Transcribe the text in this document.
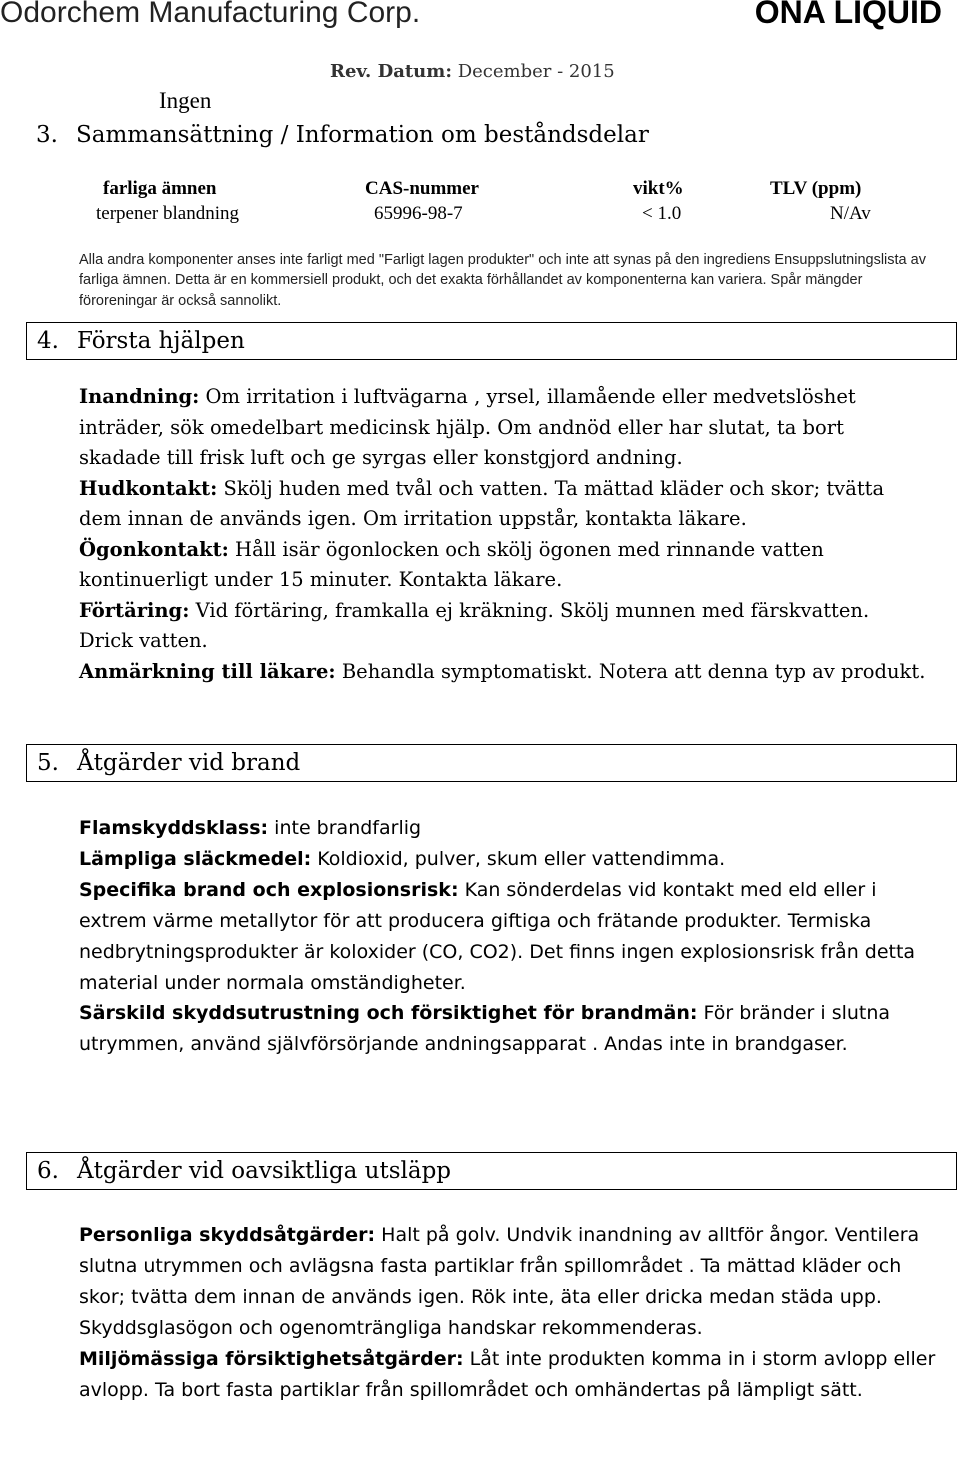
Odorchem Manufacturing Corp.	ONA LIQUID
Rev. Datum: December - 2015
Ingen
3. Sammansättning / Information om beståndsdelar
farliga ämnen	CAS-nummer	vikt%	TLV (ppm)
terpener blandning	65996-98-7	< 1.0	N/Av
Alla andra komponenter anses inte farligt med "Farligt lagen produkter" och inte att synas på den ingrediens Ensuppslutningslista av farliga ämnen. Detta är en kommersiell produkt, och det exakta förhållandet av komponenterna kan variera. Spår mängder föroreningar är också sannolikt.
4. Första hjälpen

Inandning: Om irritation i luftvägarna , yrsel, illamående eller medvetslöshet inträder, sök omedelbart medicinsk hjälp. Om andnöd eller har slutat, ta bort skadade till frisk luft och ge syrgas eller konstgjord andning.

Hudkontakt: Skölj huden med tvål och vatten. Ta mättad kläder och skor; tvätta dem innan de används igen. Om irritation uppstår, kontakta läkare.

Ögonkontakt: Håll isär ögonlocken och skölj ögonen med rinnande vatten kontinuerligt under 15 minuter. Kontakta läkare.

Förtäring: Vid förtäring, framkalla ej kräkning. Skölj munnen med färskvatten. Drick vatten.

Anmärkning till läkare: Behandla symptomatiskt. Notera att denna typ av produkt.

5. Åtgärder vid brand

Flamskyddsklass: inte brandfarlig

Lämpliga släckmedel: Koldioxid, pulver, skum eller vattendimma.

Specifika brand och explosionsrisk: Kan sönderdelas vid kontakt med eld eller i extrem värme metallytor för att producera giftiga och frätande produkter. Termiska nedbrytningsprodukter är koloxider (CO, CO2). Det finns ingen explosionsrisk från detta material under normala omständigheter.

Särskild skyddsutrustning och försiktighet för brandmän: För bränder i slutna utrymmen, använd självförsörjande andningsapparat . Andas inte in brandgaser.

6. Åtgärder vid oavsiktliga utsläpp

Personliga skyddsåtgärder: Halt på golv. Undvik inandning av alltför ångor. Ventilera slutna utrymmen och avlägsna fasta partiklar från spillområdet . Ta mättad kläder och skor; tvätta dem innan de används igen. Rök inte, äta eller dricka medan städa upp. Skyddsglasögon och ogenomträngliga handskar rekommenderas.

Miljömässiga försiktighetsåtgärder: Låt inte produkten komma in i storm avlopp eller avlopp. Ta bort fasta partiklar från spillområdet och omhändertas på lämpligt sätt.
